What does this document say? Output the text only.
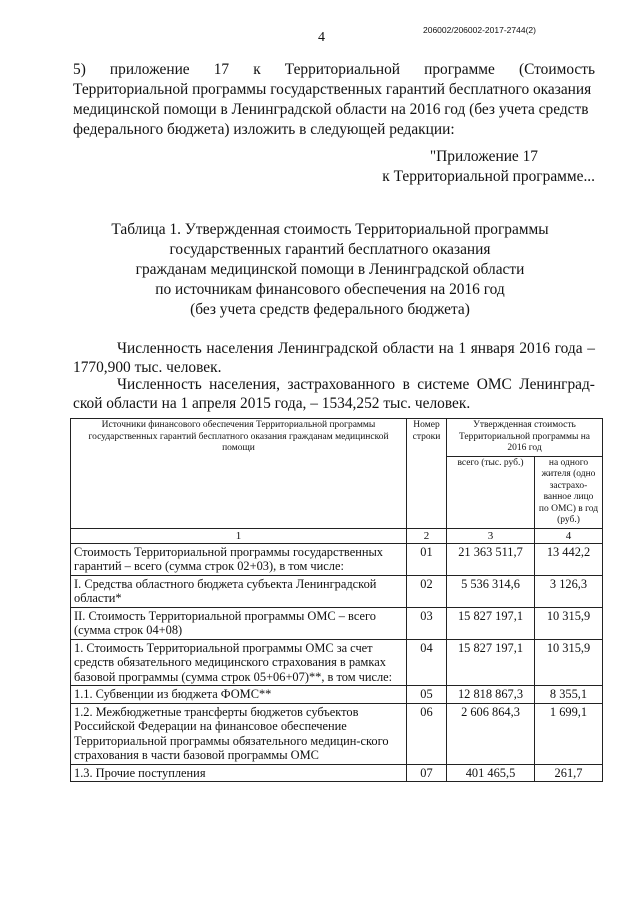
4	206002/206002-2017-2744(2)
5) приложение 17 к Территориальной программе (Стоимость
Территориальной программы государственных гарантий бесплатного оказания
медицинской помощи в Ленинградской области на 2016 год (без учета средств
федерального бюджета) изложить в следующей редакции:
"Приложение 17
к Территориальной программе...
Таблица 1. Утвержденная стоимость Территориальной программы
государственных гарантий бесплатного оказания
гражданам медицинской помощи в Ленинградской области
по источникам финансового обеспечения на 2016 год
(без учета средств федерального бюджета)
Численность населения Ленинградской области на 1 января 2016 года –
1770,900 тыс. человек.
Численность населения, застрахованного в системе ОМС Ленинград-
ской области на 1 апреля 2015 года, – 1534,252 тыс. человек.
Источники финансового обеспечения Территориальной программы государственных гарантий бесплатного оказания гражданам медицинской помощи	Номер строки	Утвержденная стоимость Территориальной программы на 2016 год	
		всего (тыс. руб.)	на одного жителя (одно застрахо-ванное лицо по ОМС) в год (руб.)
1	2	3	4
Стоимость Территориальной программы государственных гарантий – всего (сумма строк 02+03), в том числе:	01	21 363 511,7	13 442,2
I. Средства областного бюджета субъекта Ленинградской области*	02	5 536 314,6	3 126,3
II. Стоимость Территориальной программы ОМС – всего (сумма строк 04+08)	03	15 827 197,1	10 315,9
1. Стоимость Территориальной программы ОМС за счет средств обязательного медицинского страхования в рамках базовой программы (сумма строк 05+06+07)**, в том числе:	04	15 827 197,1	10 315,9
1.1. Субвенции из бюджета ФОМС**	05	12 818 867,3	8 355,1
1.2. Межбюджетные трансферты бюджетов субъектов Российской Федерации на финансовое обеспечение Территориальной программы обязательного медицин-ского страхования в части базовой программы ОМС	06	2 606 864,3	1 699,1
1.3. Прочие поступления	07	401 465,5	261,7
